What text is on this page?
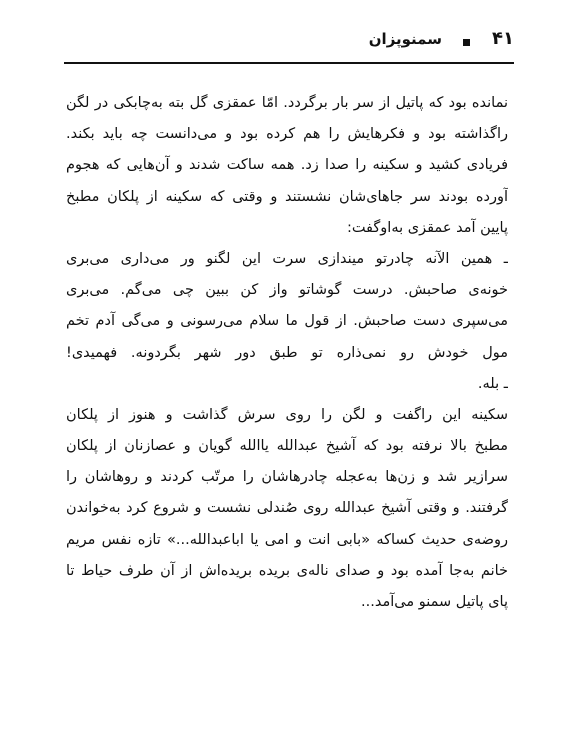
سمنوپزان	۴۱
نمانده بود که پاتیل از سر بار برگردد. امّا عمقزی گل بته به‌چابکی در لگن
راگذاشته بود و فکرهایش را هم کرده بود و می‌دانست چه باید بکند.
فریادی کشید و سکینه را صدا زد. همه ساکت شدند و آن‌هایی که هجوم
آورده بودند سر جاهای‌شان نشستند و وقتی که سکینه از پلکان مطبخ
پایین آمد عمقزی به‌اوگفت:
ـ همین الآنه چادرتو میندازی سرت این لگنو ور می‌داری می‌بری
خونه‌ی صاحبش. درست گوشاتو واز کن ببین چی می‌گم. می‌بری
می‌سپری دست صاحبش. از قول ما سلام می‌رسونی و می‌گی آدم تخم
مول خودش رو نمی‌ذاره تو طبق دور شهر بگردونه. فهمیدی!
ـ بله.
سکینه این راگفت و لگن را روی سرش گذاشت و هنوز از پلکان
مطبخ بالا نرفته بود که آشیخ عبدالله یاالله گویان و عصازنان از پلکان
سرازیر شد و زن‌ها به‌عجله چادرهاشان را مرتّب کردند و روهاشان را
گرفتند. و وقتی آشیخ عبدالله روی صُندلی نشست و شروع کرد به‌خواندن
روضه‌ی حدیث کساکه «بابی انت و امی یا اباعبدالله...» تازه نفس مریم
خانم به‌جا آمده بود و صدای ناله‌ی بریده بریده‌اش از آن طرف حیاط تا
پای پاتیل سمنو می‌آمد...
